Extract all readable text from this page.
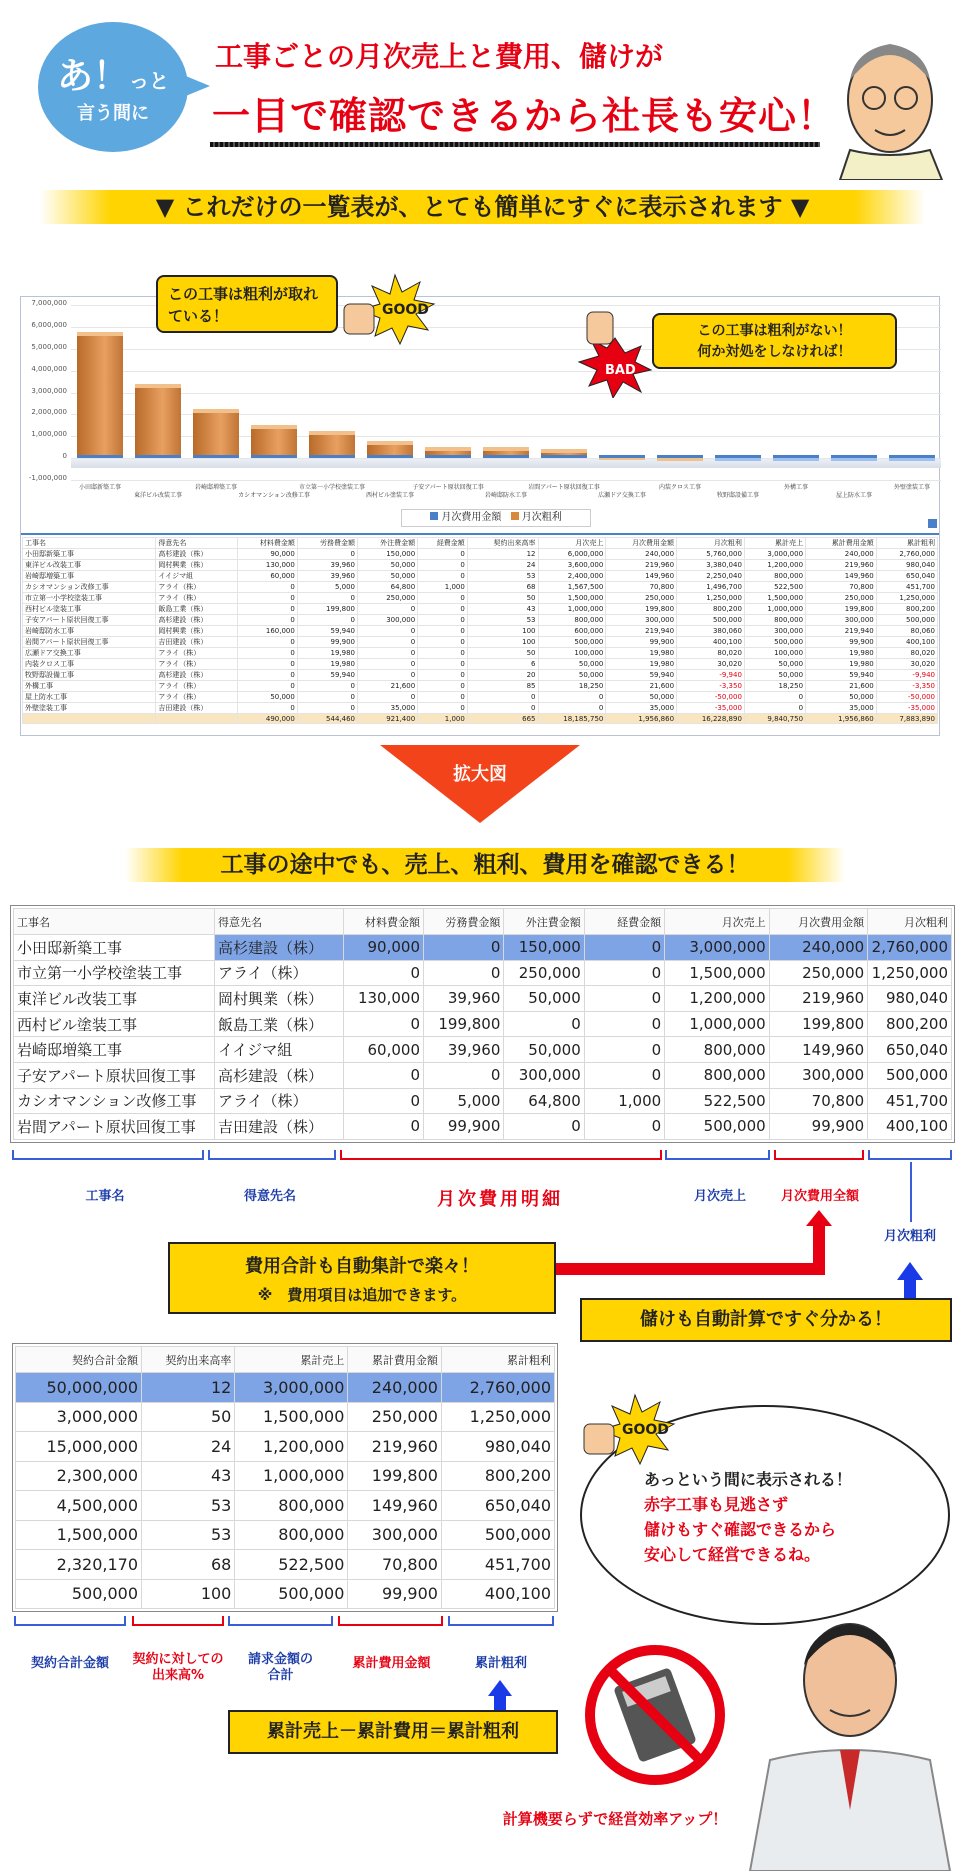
あ！っと
言う間に
工事ごとの月次売上と費用、儲けが
一目で確認できるから社長も安心！
▼ これだけの一覧表が、とても簡単にすぐに表示されます ▼
小田邸新築工事
東洋ビル改装工事
岩崎邸増築工事
カシオマンション改修工事
市立第一小学校塗装工事
西村ビル塗装工事
子安アパート原状回復工事
岩崎邸防水工事
岩間アパート原状回復工事
広瀬ドア交換工事
内装クロス工事
牧野邸設備工事
外構工事
屋上防水工事
外壁塗装工事
月次費用金額 月次粗利
7,000,000
6,000,000
5,000,000
4,000,000
3,000,000
2,000,000
1,000,000
0
-1,000,000
工事名	得意先名	材料費金額	労務費金額	外注費金額	経費金額	契約出来高率	月次売上	月次費用金額	月次粗利	累計売上	累計費用金額	累計粗利
小田邸新築工事	高杉建設（株）	90,000	0	150,000	0	12	6,000,000	240,000	5,760,000	3,000,000	240,000	2,760,000
東洋ビル改装工事	岡村興業（株）	130,000	39,960	50,000	0	24	3,600,000	219,960	3,380,040	1,200,000	219,960	980,040
岩崎邸増築工事	イイジマ組	60,000	39,960	50,000	0	53	2,400,000	149,960	2,250,040	800,000	149,960	650,040
カシオマンション改修工事	アライ（株）	0	5,000	64,800	1,000	68	1,567,500	70,800	1,496,700	522,500	70,800	451,700
市立第一小学校塗装工事	アライ（株）	0	0	250,000	0	50	1,500,000	250,000	1,250,000	1,500,000	250,000	1,250,000
西村ビル塗装工事	飯島工業（株）	0	199,800	0	0	43	1,000,000	199,800	800,200	1,000,000	199,800	800,200
子安アパート原状回復工事	高杉建設（株）	0	0	300,000	0	53	800,000	300,000	500,000	800,000	300,000	500,000
岩崎邸防水工事	岡村興業（株）	160,000	59,940	0	0	100	600,000	219,940	380,060	300,000	219,940	80,060
岩間アパート原状回復工事	吉田建設（株）	0	99,900	0	0	100	500,000	99,900	400,100	500,000	99,900	400,100
広瀬ドア交換工事	アライ（株）	0	19,980	0	0	50	100,000	19,980	80,020	100,000	19,980	80,020
内装クロス工事	アライ（株）	0	19,980	0	0	6	50,000	19,980	30,020	50,000	19,980	30,020
牧野邸設備工事	高杉建設（株）	0	59,940	0	0	20	50,000	59,940	-9,940	50,000	59,940	-9,940
外構工事	アライ（株）	0	0	21,600	0	85	18,250	21,600	-3,350	18,250	21,600	-3,350
屋上防水工事	アライ（株）	50,000	0	0	0	0	0	50,000	-50,000	0	50,000	-50,000
外壁塗装工事	吉田建設（株）	0	0	35,000	0	0	0	35,000	-35,000	0	35,000	-35,000
		490,000	544,460	921,400	1,000	665	18,185,750	1,956,860	16,228,890	9,840,750	1,956,860	7,883,890
この工事は粗利が取れている！	GOOD
この工事は粗利がない！
何か対処をしなければ！
BAD
拡大図
工事の途中でも、売上、粗利、費用を確認できる！
工事名	得意先名	材料費金額	労務費金額	外注費金額	経費金額	月次売上	月次費用金額	月次粗利
小田邸新築工事	高杉建設（株）	90,000	0	150,000	0	3,000,000	240,000	2,760,000
市立第一小学校塗装工事	アライ（株）	0	0	250,000	0	1,500,000	250,000	1,250,000
東洋ビル改装工事	岡村興業（株）	130,000	39,960	50,000	0	1,200,000	219,960	980,040
西村ビル塗装工事	飯島工業（株）	0	199,800	0	0	1,000,000	199,800	800,200
岩崎邸増築工事	イイジマ組	60,000	39,960	50,000	0	800,000	149,960	650,040
子安アパート原状回復工事	高杉建設（株）	0	0	300,000	0	800,000	300,000	500,000
カシオマンション改修工事	アライ（株）	0	5,000	64,800	1,000	522,500	70,800	451,700
岩間アパート原状回復工事	吉田建設（株）	0	99,900	0	0	500,000	99,900	400,100
工事名	得意先名	月次費用明細	月次売上	月次費用全額
月次粗利
費用合計も自動集計で楽々！
※　費用項目は追加できます。
儲けも自動計算ですぐ分かる！
契約合計金額	契約出来高率	累計売上	累計費用金額	累計粗利
50,000,000	12	3,000,000	240,000	2,760,000
3,000,000	50	1,500,000	250,000	1,250,000
15,000,000	24	1,200,000	219,960	980,040
2,300,000	43	1,000,000	199,800	800,200
4,500,000	53	800,000	149,960	650,040
1,500,000	53	800,000	300,000	500,000
2,320,170	68	522,500	70,800	451,700
500,000	100	500,000	99,900	400,100
契約合計金額	契約に対しての
出来高%
請求金額の
合計
累計費用金額	累計粗利
累計売上－累計費用＝累計粗利
あっという間に表示される！
赤字工事も見逃さず
儲けもすぐ確認できるから
安心して経営できるね。
GOOD
計算機要らずで経営効率アップ！
